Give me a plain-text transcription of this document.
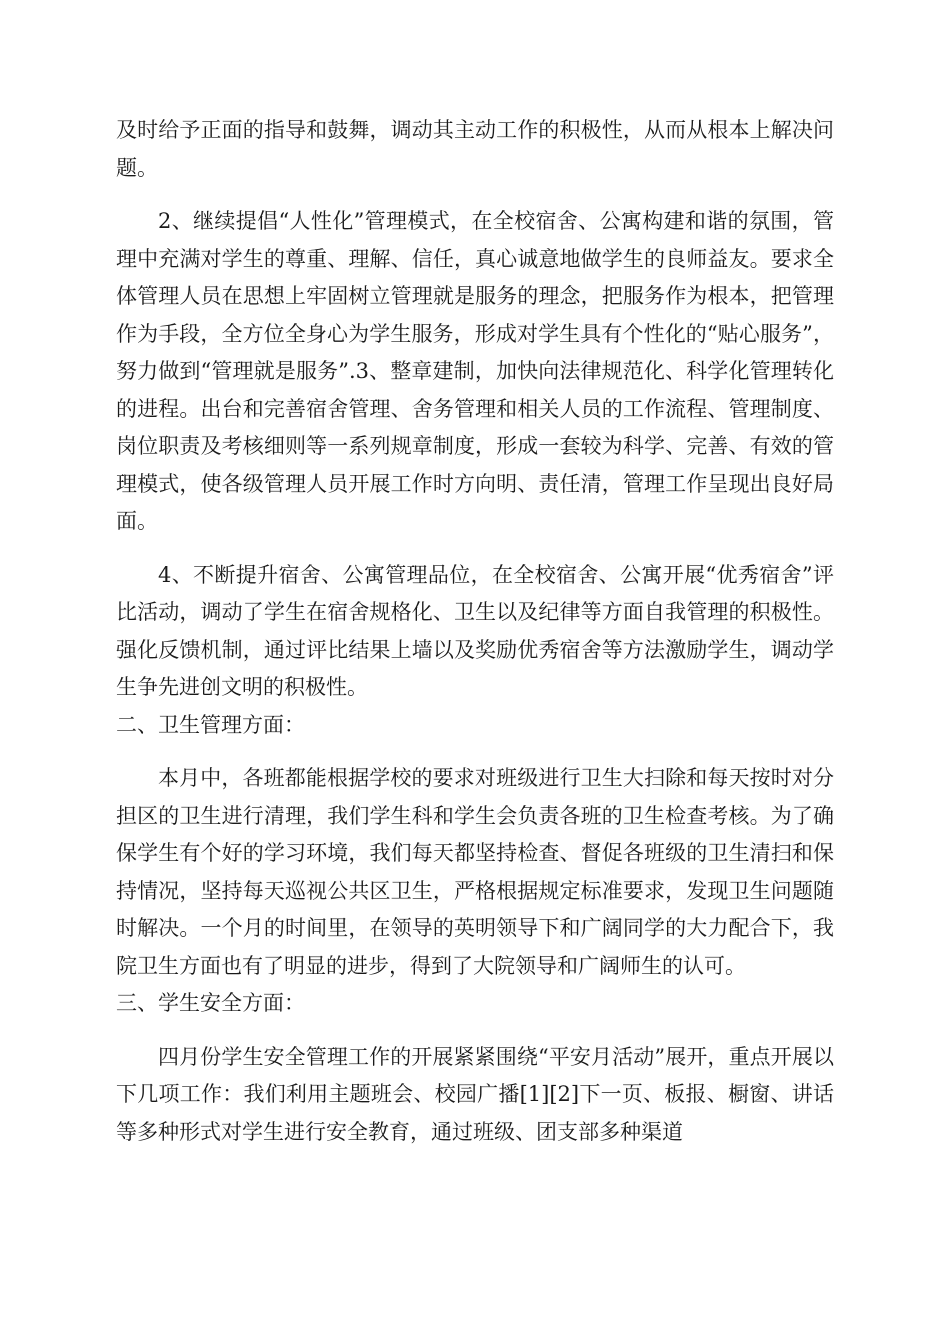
及时给予正面的指导和鼓舞，调动其主动工作的积极性，从而从根本上解决问题。

2、继续提倡“人性化”管理模式，在全校宿舍、公寓构建和谐的氛围，管理中充满对学生的尊重、理解、信任，真心诚意地做学生的良师益友。要求全体管理人员在思想上牢固树立管理就是服务的理念，把服务作为根本，把管理作为手段，全方位全身心为学生服务，形成对学生具有个性化的“贴心服务”，努力做到“管理就是服务”.3、整章建制，加快向法律规范化、科学化管理转化的进程。出台和完善宿舍管理、舍务管理和相关人员的工作流程、管理制度、岗位职责及考核细则等一系列规章制度，形成一套较为科学、完善、有效的管理模式，使各级管理人员开展工作时方向明、责任清，管理工作呈现出良好局面。

4、不断提升宿舍、公寓管理品位，在全校宿舍、公寓开展“优秀宿舍”评比活动，调动了学生在宿舍规格化、卫生以及纪律等方面自我管理的积极性。强化反馈机制，通过评比结果上墙以及奖励优秀宿舍等方法激励学生，调动学生争先进创文明的积极性。

二、卫生管理方面：

本月中，各班都能根据学校的要求对班级进行卫生大扫除和每天按时对分担区的卫生进行清理，我们学生科和学生会负责各班的卫生检查考核。为了确保学生有个好的学习环境，我们每天都坚持检查、督促各班级的卫生清扫和保持情况，坚持每天巡视公共区卫生，严格根据规定标准要求，发现卫生问题随时解决。一个月的时间里，在领导的英明领导下和广阔同学的大力配合下，我院卫生方面也有了明显的进步，得到了大院领导和广阔师生的认可。

三、学生安全方面：

四月份学生安全管理工作的开展紧紧围绕“平安月活动”展开，重点开展以下几项工作：我们利用主题班会、校园广播[1][2]下一页、板报、橱窗、讲话等多种形式对学生进行安全教育，通过班级、团支部多种渠道
